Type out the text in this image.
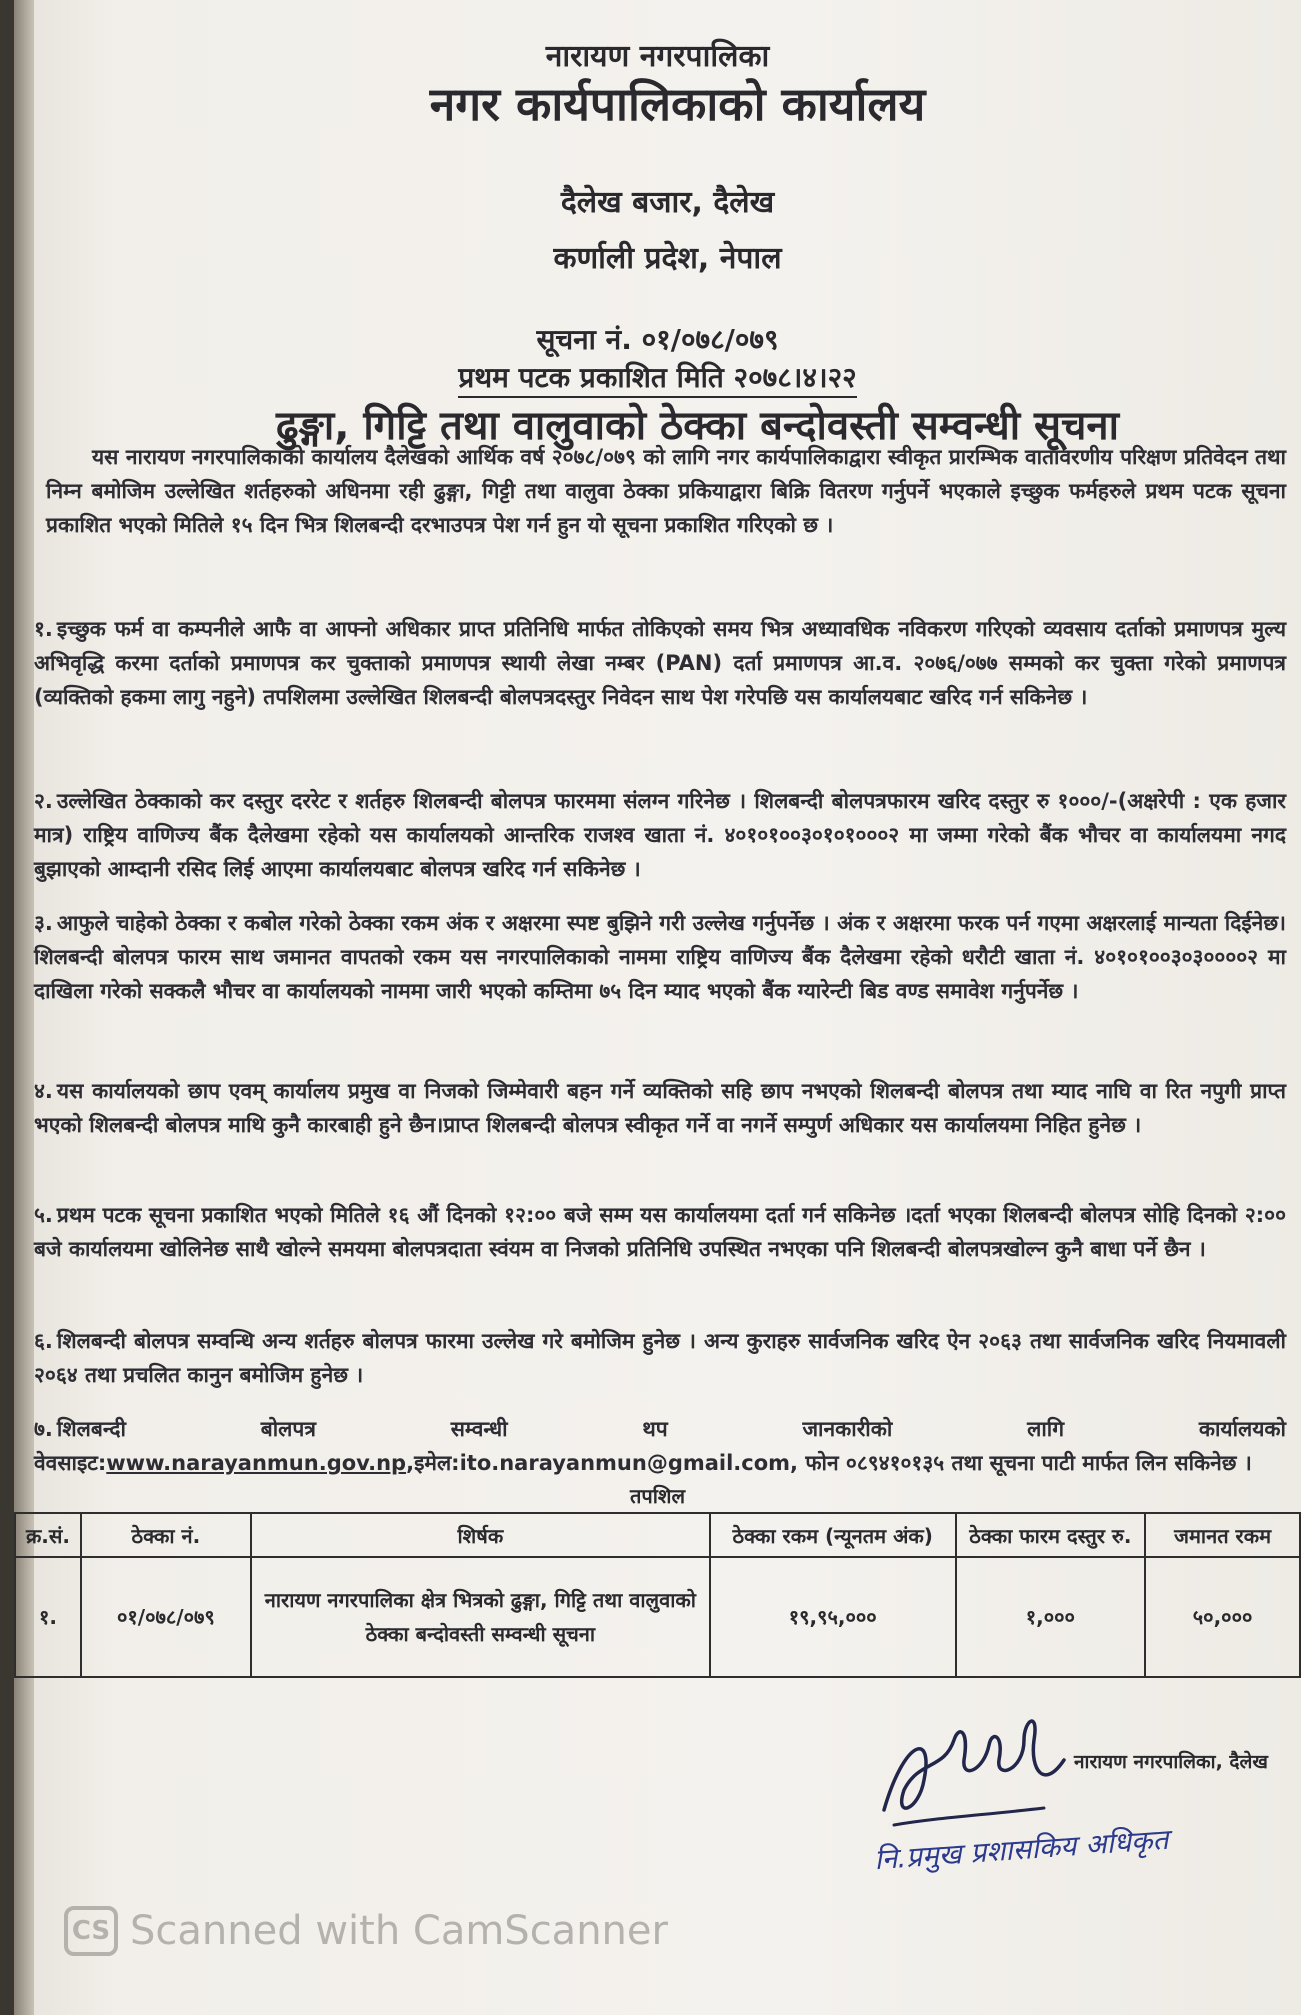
नारायण नगरपालिका
नगर कार्यपालिकाको कार्यालय
दैलेख बजार, दैलेख
कर्णाली प्रदेश, नेपाल
सूचना नं. ०१/०७८/०७९
प्रथम पटक प्रकाशित मिति २०७८।४।२२
ढुङ्गा, गिट्टि तथा वालुवाको ठेक्का बन्दोवस्ती सम्वन्धी सूचना
यस नारायण नगरपालिकाको कार्यालय दैलेखको आर्थिक वर्ष २०७८/०७९ को लागि नगर कार्यपालिकाद्वारा स्वीकृत प्रारम्भिक वातावरणीय परिक्षण प्रतिवेदन तथा निम्न बमोजिम उल्लेखित शर्तहरुको अधिनमा रही ढुङ्गा, गिट्टी तथा वालुवा ठेक्का प्रकियाद्वारा बिक्रि वितरण गर्नुपर्ने भएकाले इच्छुक फर्महरुले प्रथम पटक सूचना प्रकाशित भएको मितिले १५ दिन भित्र शिलबन्दी दरभाउपत्र पेश गर्न हुन यो सूचना प्रकाशित गरिएको छ ।
१. इच्छुक फर्म वा कम्पनीले आफै वा आफ्नो अधिकार प्राप्त प्रतिनिधि मार्फत तोकिएको समय भित्र अध्यावधिक नविकरण गरिएको व्यवसाय दर्ताको प्रमाणपत्र मुल्य अभिवृद्धि करमा दर्ताको प्रमाणपत्र कर चुक्ताको प्रमाणपत्र स्थायी लेखा नम्बर (PAN) दर्ता प्रमाणपत्र आ.व. २०७६/०७७ सम्मको कर चुक्ता गरेको प्रमाणपत्र (व्यक्तिको हकमा लागु नहुने) तपशिलमा उल्लेखित शिलबन्दी बोलपत्रदस्तुर निवेदन साथ पेश गरेपछि यस कार्यालयबाट खरिद गर्न सकिनेछ ।
२. उल्लेखित ठेक्काको कर दस्तुर दररेट र शर्तहरु शिलबन्दी बोलपत्र फारममा संलग्न गरिनेछ । शिलबन्दी बोलपत्रफारम खरिद दस्तुर रु १०००/-(अक्षरेपी : एक हजार मात्र) राष्ट्रिय वाणिज्य बैंक दैलेखमा रहेको यस कार्यालयको आन्तरिक राजश्व खाता नं. ४०१०१००३०१०१०००२ मा जम्मा गरेको बैंक भौचर वा कार्यालयमा नगद बुझाएको आम्दानी रसिद लिई आएमा कार्यालयबाट बोलपत्र खरिद गर्न सकिनेछ ।
३. आफुले चाहेको ठेक्का र कबोल गरेको ठेक्का रकम अंक र अक्षरमा स्पष्ट बुझिने गरी उल्लेख गर्नुपर्नेछ । अंक र अक्षरमा फरक पर्न गएमा अक्षरलाई मान्यता दिईनेछ। शिलबन्दी बोलपत्र फारम साथ जमानत वापतको रकम यस नगरपालिकाको नाममा राष्ट्रिय वाणिज्य बैंक दैलेखमा रहेको धरौटी खाता नं. ४०१०१००३०३००००२ मा दाखिला गरेको सक्कलै भौचर वा कार्यालयको नाममा जारी भएको कम्तिमा ७५ दिन म्याद भएको बैंक ग्यारेन्टी बिड वण्ड समावेश गर्नुपर्नेछ ।
४. यस कार्यालयको छाप एवम् कार्यालय प्रमुख वा निजको जिम्मेवारी बहन गर्ने व्यक्तिको सहि छाप नभएको शिलबन्दी बोलपत्र तथा म्याद नाघि वा रित नपुगी प्राप्त भएको शिलबन्दी बोलपत्र माथि कुनै कारबाही हुने छैन।प्राप्त शिलबन्दी बोलपत्र स्वीकृत गर्ने वा नगर्ने सम्पुर्ण अधिकार यस कार्यालयमा निहित हुनेछ ।
५. प्रथम पटक सूचना प्रकाशित भएको मितिले १६ औं दिनको १२:०० बजे सम्म यस कार्यालयमा दर्ता गर्न सकिनेछ ।दर्ता भएका शिलबन्दी बोलपत्र सोहि दिनको २:०० बजे कार्यालयमा खोलिनेछ साथै खोल्ने समयमा बोलपत्रदाता स्वंयम वा निजको प्रतिनिधि उपस्थित नभएका पनि शिलबन्दी बोलपत्रखोल्न कुनै बाधा पर्ने छैन ।
६. शिलबन्दी बोलपत्र सम्वन्धि अन्य शर्तहरु बोलपत्र फारमा उल्लेख गरे बमोजिम हुनेछ । अन्य कुराहरु सार्वजनिक खरिद ऐन २०६३ तथा सार्वजनिक खरिद नियमावली २०६४ तथा प्रचलित कानुन बमोजिम हुनेछ ।
७. शिलबन्दी बोलपत्र सम्वन्धी थप जानकारीको लागि कार्यालयको वेवसाइट:www.narayanmun.gov.np,इमेल:ito.narayanmun@gmail.com, फोन ०८९४१०१३५ तथा सूचना पाटी मार्फत लिन सकिनेछ ।
तपशिल
क्र.सं.	ठेक्का नं.	शिर्षक	ठेक्का रकम (न्यूनतम अंक)	ठेक्का फारम दस्तुर रु.	जमानत रकम
१.	०१/०७८/०७९	नारायण नगरपालिका क्षेत्र भित्रको ढुङ्गा, गिट्टि तथा वालुवाको ठेक्का बन्दोवस्ती सम्वन्धी सूचना	१९,९५,०००	१,०००	५०,०००
नारायण नगरपालिका, दैलेख
नि.प्रमुख प्रशासकिय अधिकृत
CS Scanned with CamScanner
